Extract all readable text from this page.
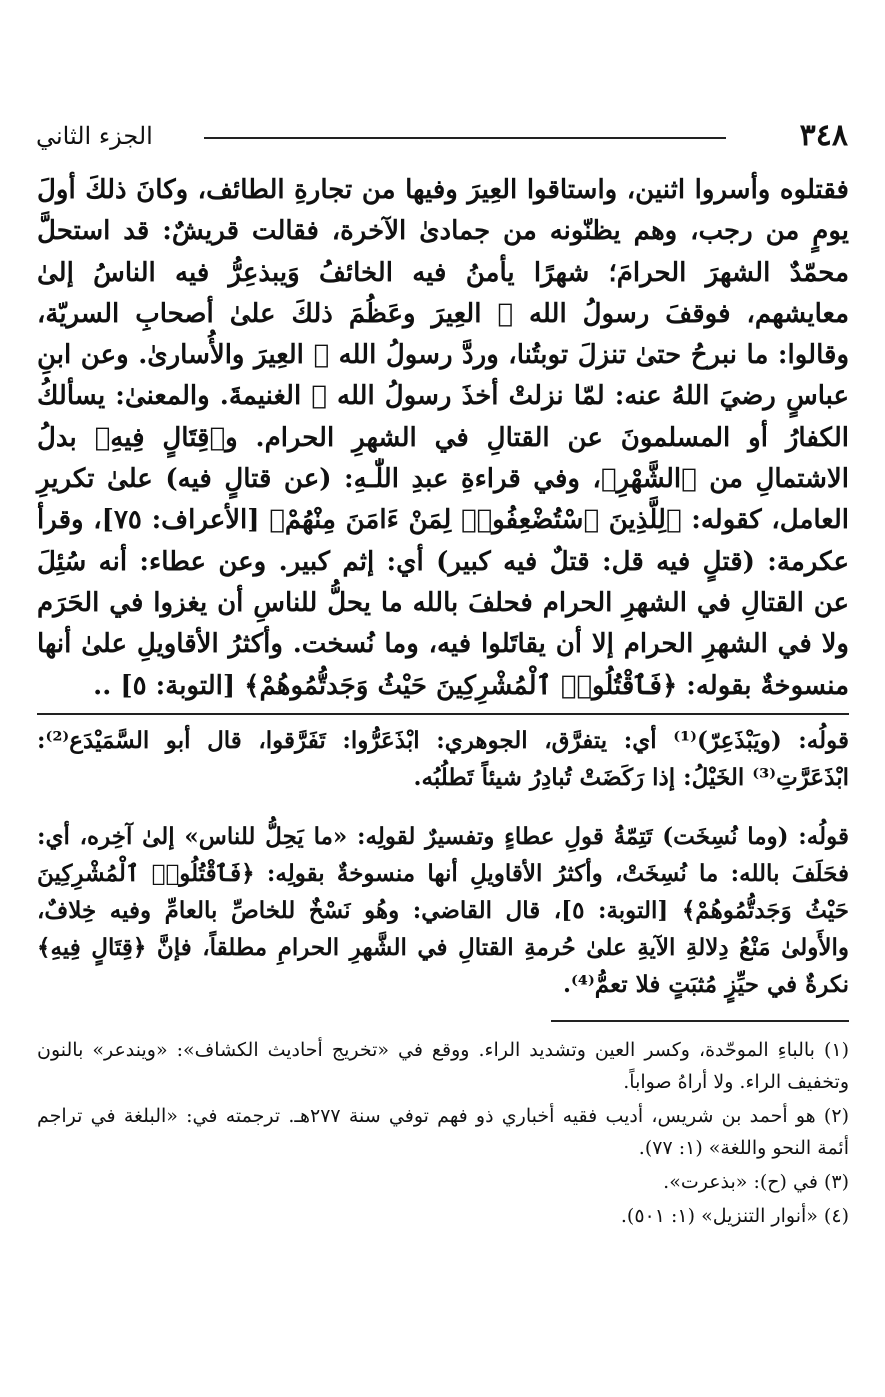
٣٤٨
الجزء الثاني

فقتلوه وأسروا اثنين، واستاقوا العِيرَ وفيها من تجارةِ الطائف، وكانَ ذلكَ أولَ يومٍ من رجب، وهم يظنّونه من جمادىٰ الآخرة، فقالت قريشٌ: قد استحلَّ محمّدٌ الشهرَ الحرامَ؛ شهرًا يأمنُ فيه الخائفُ وَيبذعِرُّ فيه الناسُ إلىٰ معايشهم، فوقفَ رسولُ الله ﷺ العِيرَ وعَظُمَ ذلكَ علىٰ أصحابِ السريّة، وقالوا: ما نبرحُ حتىٰ تنزلَ توبتُنا، وردَّ رسولُ الله ﷺ العِيرَ والأُسارىٰ. وعن ابنِ عباسٍ رضيَ اللهُ عنه: لمّا نزلتْ أخذَ رسولُ الله ﷺ الغنيمةَ. والمعنىٰ: يسألكُ الكفارُ أو المسلمونَ عن القتالِ في الشهرِ الحرام. و﴿قِتَالٍ فِيهِ﴾ بدلُ الاشتمالِ من ﴿الشَّهْرِ﴾، وفي قراءةِ عبدِ اللّٰـهِ: (عن قتالٍ فيه) علىٰ تكريرِ العامل، كقوله: ﴿لِلَّذِينَ ٱسْتُضْعِفُوا۟ لِمَنْ ءَامَنَ مِنْهُمْ﴾ [الأعراف: ٧٥]، وقرأ عكرمة: (قتلٍ فيه قل: قتلٌ فيه كبير) أي: إثم كبير. وعن عطاء: أنه سُئِلَ عن القتالِ في الشهرِ الحرام فحلفَ بالله ما يحلُّ للناسِ أن يغزوا في الحَرَم ولا في الشهرِ الحرام إلا أن يقاتَلوا فيه، وما نُسخت. وأكثرُ الأقاويلِ علىٰ أنها منسوخةٌ بقوله: ﴿فَٱقْتُلُوا۟ ٱلْمُشْرِكِينَ حَيْثُ وَجَدتُّمُوهُمْ﴾ [التوبة: ٥] ..

قولُه: (ويَبْذَعِرّ)⁽¹⁾ أي: يتفرَّق، الجوهري: ابْذَعَرُّوا: تَفَرَّقوا، قال أبو السَّمَيْدَع⁽²⁾: ابْذَعَرَّتِ⁽³⁾ الخَيْلُ: إذا رَكَضَتْ تُبادِرُ شيئاً تَطلُبُه.

قولُه: (وما نُسِخَت) تَتِمّةُ قولِ عطاءٍ وتفسيرٌ لقولِه: «ما يَحِلُّ للناس» إلىٰ آخِره، أي: فحَلَفَ بالله: ما نُسِخَتْ، وأكثرُ الأقاويلِ أنها منسوخةٌ بقولِه: ﴿فَٱقْتُلُوا۟ ٱلْمُشْرِكِينَ حَيْثُ وَجَدتُّمُوهُمْ﴾ [التوبة: ٥]، قال القاضي: وهُو نَسْخٌ للخاصِّ بالعامِّ وفيه خِلافٌ، والأَولىٰ مَنْعُ دِلالةِ الآيةِ علىٰ حُرمةِ القتالِ في الشَّهرِ الحرامِ مطلقاً، فإنَّ ﴿قِتَالٍ فِيهِ﴾ نكرةٌ في حيِّزٍ مُثبَتٍ فلا تعمُّ⁽⁴⁾.

(١) بالباءِ الموحّدة، وكسر العين وتشديد الراء. ووقع في «تخريج أحاديث الكشاف»: «ويندعر» بالنون وتخفيف الراء. ولا أراهُ صواباً.

(٢) هو أحمد بن شريس، أديب فقيه أخباري ذو فهم توفي سنة ٢٧٧هـ. ترجمته في: «البلغة في تراجم أئمة النحو واللغة» (١: ٧٧).

(٣) في (ح): «بذعرت».

(٤) «أنوار التنزيل» (١: ٥٠١).
